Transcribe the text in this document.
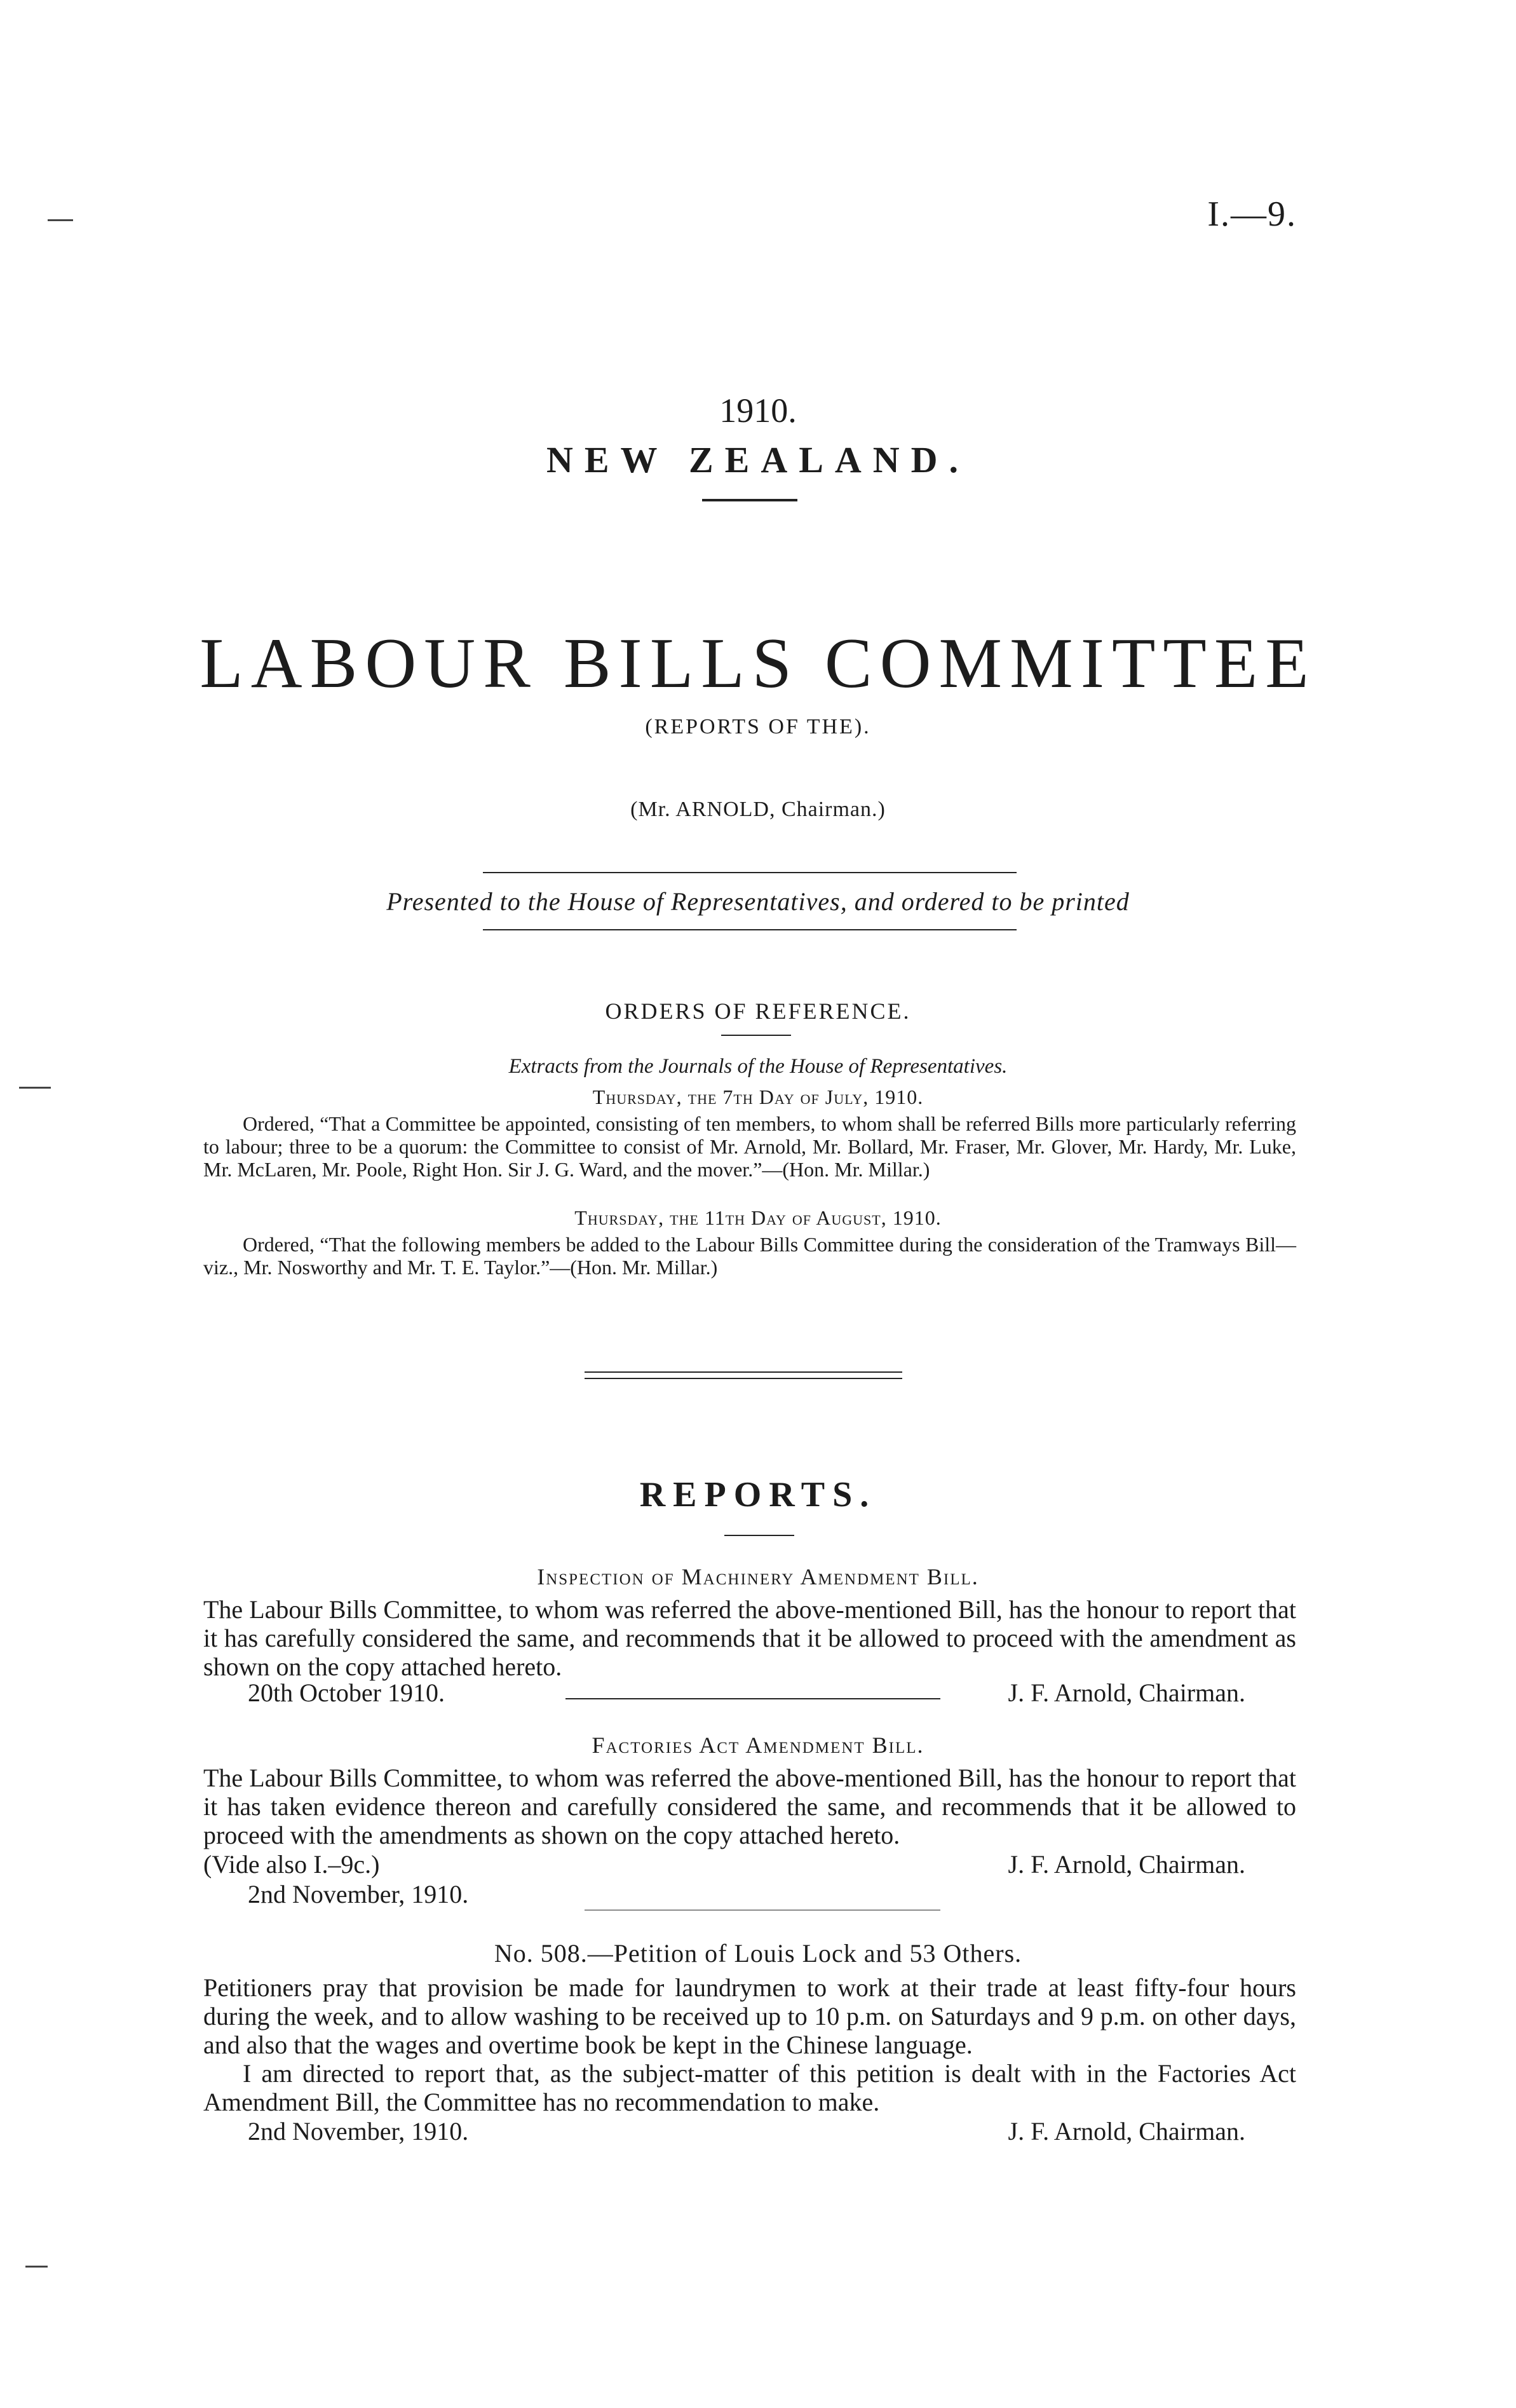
I.—9.
1910.
NEW ZEALAND.
LABOUR BILLS COMMITTEE
(REPORTS OF THE).
(Mr. ARNOLD, Chairman.)
Presented to the House of Representatives, and ordered to be printed
ORDERS OF REFERENCE.
Extracts from the Journals of the House of Representatives.
Thursday, the 7th Day of July, 1910.
Ordered, “That a Committee be appointed, consisting of ten members, to whom shall be referred Bills more particularly referring to labour; three to be a quorum: the Committee to consist of Mr. Arnold, Mr. Bollard, Mr. Fraser, Mr. Glover, Mr. Hardy, Mr. Luke, Mr. McLaren, Mr. Poole, Right Hon. Sir J. G. Ward, and the mover.”—(Hon. Mr. Millar.)
Thursday, the 11th Day of August, 1910.
Ordered, “That the following members be added to the Labour Bills Committee during the consideration of the Tramways Bill—viz., Mr. Nosworthy and Mr. T. E. Taylor.”—(Hon. Mr. Millar.)
REPORTS.
Inspection of Machinery Amendment Bill.
The Labour Bills Committee, to whom was referred the above-mentioned Bill, has the honour to report that it has carefully considered the same, and recommends that it be allowed to proceed with the amendment as shown on the copy attached hereto.
20th October 1910.	J. F. Arnold, Chairman.
Factories Act Amendment Bill.
The Labour Bills Committee, to whom was referred the above-mentioned Bill, has the honour to report that it has taken evidence thereon and carefully considered the same, and recommends that it be allowed to proceed with the amendments as shown on the copy attached hereto.
(Vide also I.–9c.)	J. F. Arnold, Chairman.
2nd November, 1910.
No. 508.—Petition of Louis Lock and 53 Others.
Petitioners pray that provision be made for laundrymen to work at their trade at least fifty-four hours during the week, and to allow washing to be received up to 10 p.m. on Saturdays and 9 p.m. on other days, and also that the wages and overtime book be kept in the Chinese language.
I am directed to report that, as the subject-matter of this petition is dealt with in the Factories Act Amendment Bill, the Committee has no recommendation to make.
2nd November, 1910.	J. F. Arnold, Chairman.
